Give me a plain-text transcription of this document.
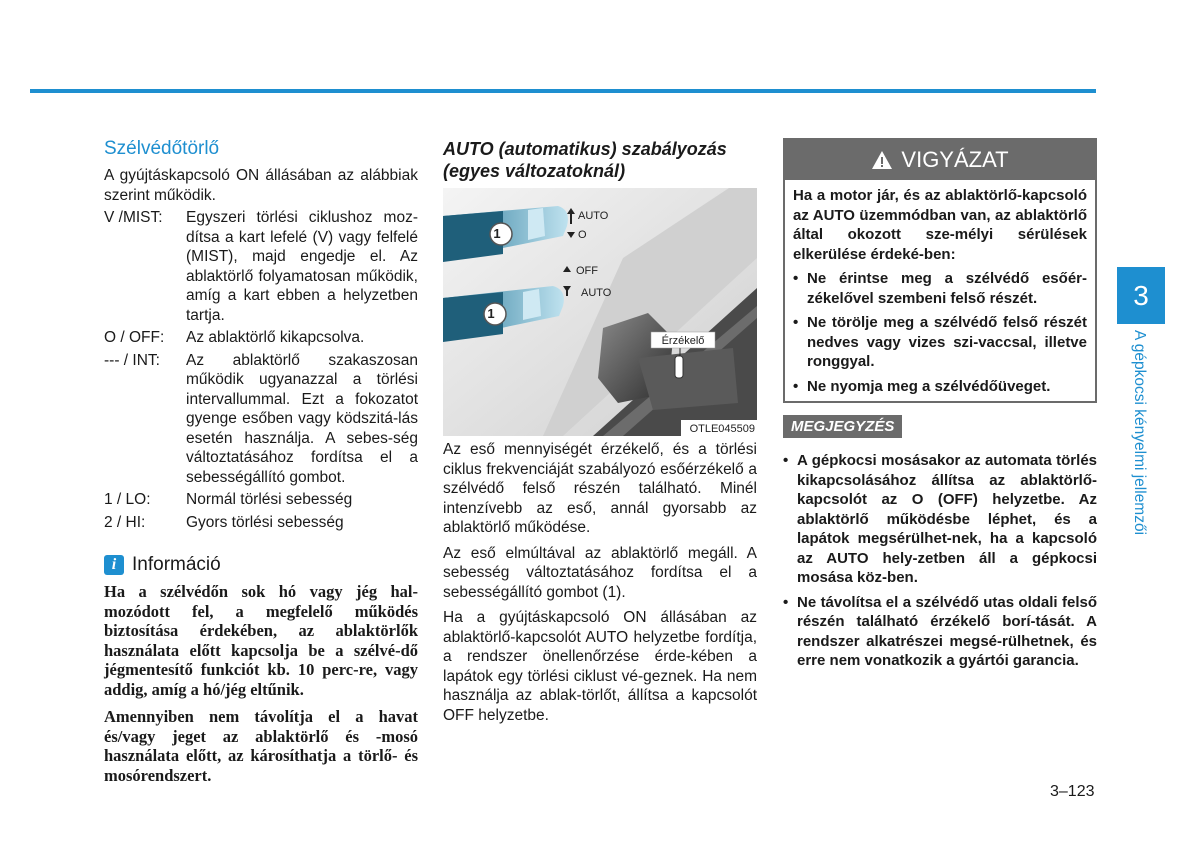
Szélvédőtörlő

A gyújtáskapcsoló ON állásában az alábbiak szerint működik.

V /MIST:	Egyszeri törlési ciklushoz moz-dítsa a kart lefelé (V) vagy felfelé (MIST), majd engedje el. Az ablaktörlő folyamatosan működik, amíg a kart ebben a helyzetben tartja.
O / OFF:	Az ablaktörlő kikapcsolva.
--- / INT:	Az ablaktörlő szakaszosan működik ugyanazzal a törlési intervallummal. Ezt a fokozatot gyenge esőben vagy ködszitá-lás esetén használja. A sebes-ség változtatásához fordítsa el a sebességállító gombot.
1 / LO:	Normál törlési sebesség
2 / HI:	Gyors törlési sebesség
i Információ

Ha a szélvédőn sok hó vagy jég hal-mozódott fel, a megfelelő működés biztosítása érdekében, az ablaktörlők használata előtt kapcsolja be a szélvé-dő jégmentesítő funkciót kb. 10 perc-re, vagy addig, amíg a hó/jég eltűnik.

Amennyiben nem távolítja el a havat és/vagy jeget az ablaktörlő és -mosó használata előtt, az károsíthatja a törlő- és mosórendszert.

AUTO (automatikus) szabályozás (egyes változatoknál)
AUTO
O
OFF
AUTO
1
1
Érzékelő
OTLE045509

Az eső mennyiségét érzékelő, és a törlési ciklus frekvenciáját szabályozó esőérzékelő a szélvédő felső részén található. Minél intenzívebb az eső, annál gyorsabb az ablaktörlő működése.

Az eső elmúltával az ablaktörlő megáll. A sebesség változtatásához fordítsa el a sebességállító gombot (1).

Ha a gyújtáskapcsoló ON állásában az ablaktörlő-kapcsolót AUTO helyzetbe fordítja, a rendszer önellenőrzése érde-kében a lapátok egy törlési ciklust vé-geznek. Ha nem használja az ablak-törlőt, állítsa a kapcsolót OFF helyzetbe.

VIGYÁZAT
Ha a motor jár, és az ablaktörlő-kapcsoló az AUTO üzemmódban van, az ablaktörlő által okozott sze-mélyi sérülések elkerülése érdeké-ben:
• Ne érintse meg a szélvédő esőér-zékelővel szembeni felső részét.
• Ne törölje meg a szélvédő felső részét nedves vagy vizes szi-vaccsal, illetve ronggyal.
• Ne nyomja meg a szélvédőüveget.
MEGJEGYZÉS
• A gépkocsi mosásakor az automata törlés kikapcsolásához állítsa az ablaktörlő-kapcsolót az O (OFF) helyzetbe. Az ablaktörlő működésbe léphet, és a lapátok megsérülhet-nek, ha a kapcsoló az AUTO hely-zetben áll a gépkocsi mosása köz-ben.
• Ne távolítsa el a szélvédő utas oldali felső részén található érzékelő borí-tását. A rendszer alkatrészei megsé-rülhetnek, és erre nem vonatkozik a gyártói garancia.
3
A gépkocsi kényelmi jellemzői
3–123
